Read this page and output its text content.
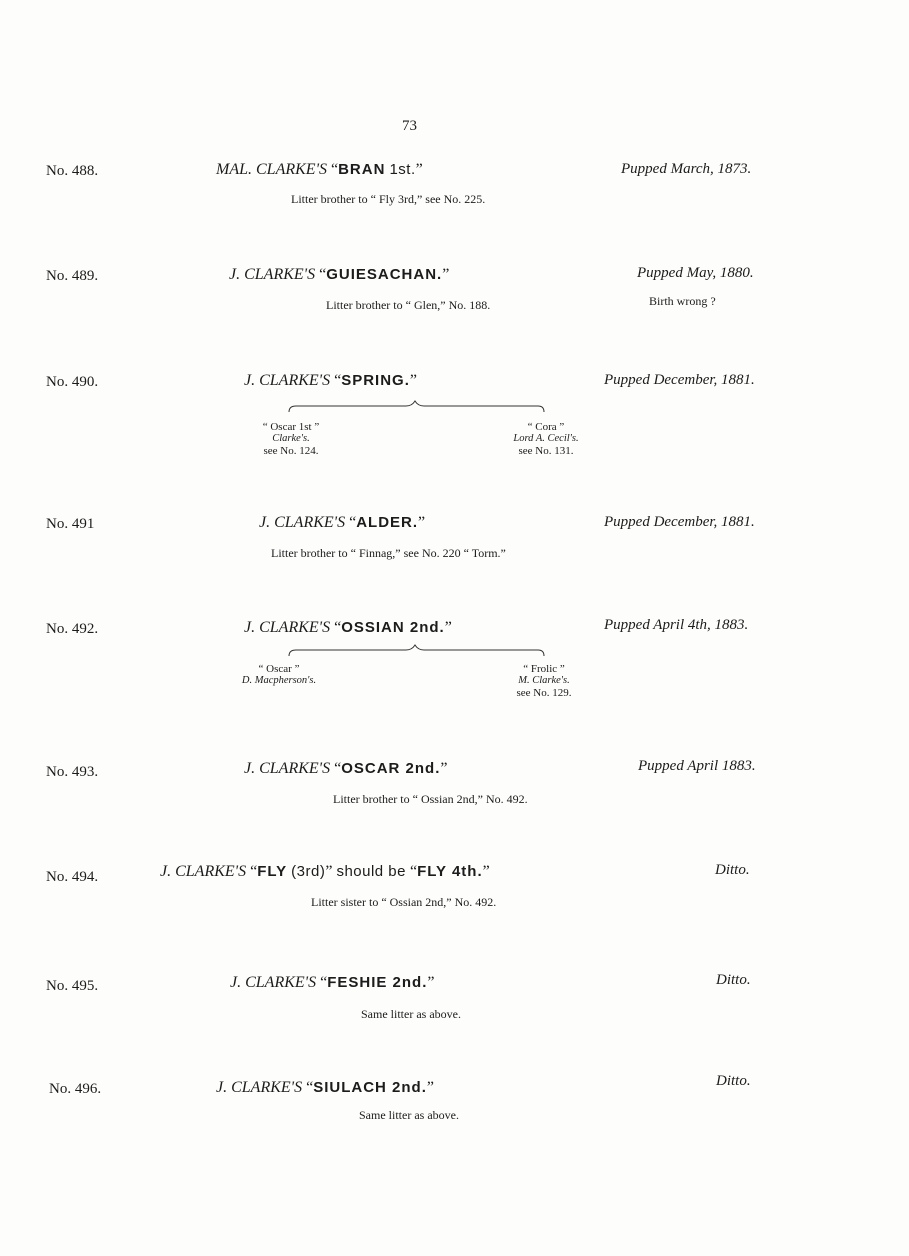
73
No. 488.	MAL. CLARKE'S “BRAN 1st.”	Pupped March, 1873.
Litter brother to “ Fly 3rd,” see No. 225.
No. 489.	J. CLARKE'S “GUIESACHAN.”	Pupped May, 1880.
Birth wrong ?
Litter brother to “ Glen,” No. 188.
No. 490.	J. CLARKE'S “SPRING.”	Pupped December, 1881.
“ Oscar 1st ”
Clarke's.
see No. 124.
“ Cora ”
Lord A. Cecil's.
see No. 131.
No. 491	J. CLARKE'S “ALDER.”	Pupped December, 1881.
Litter brother to “ Finnag,” see No. 220 “ Torm.”
No. 492.	J. CLARKE'S “OSSIAN 2nd.”	Pupped April 4th, 1883.
“ Oscar ”
D. Macpherson's.
“ Frolic ”
M. Clarke's.
see No. 129.
No. 493.	J. CLARKE'S “OSCAR 2nd.”	Pupped April 1883.
Litter brother to “ Ossian 2nd,” No. 492.
No. 494.	J. CLARKE'S “FLY (3rd)” should be “FLY 4th.”	Ditto.
Litter sister to “ Ossian 2nd,” No. 492.
No. 495.	J. CLARKE'S “FESHIE 2nd.”	Ditto.
Same litter as above.
No. 496.	J. CLARKE'S “SIULACH 2nd.”	Ditto.
Same litter as above.
